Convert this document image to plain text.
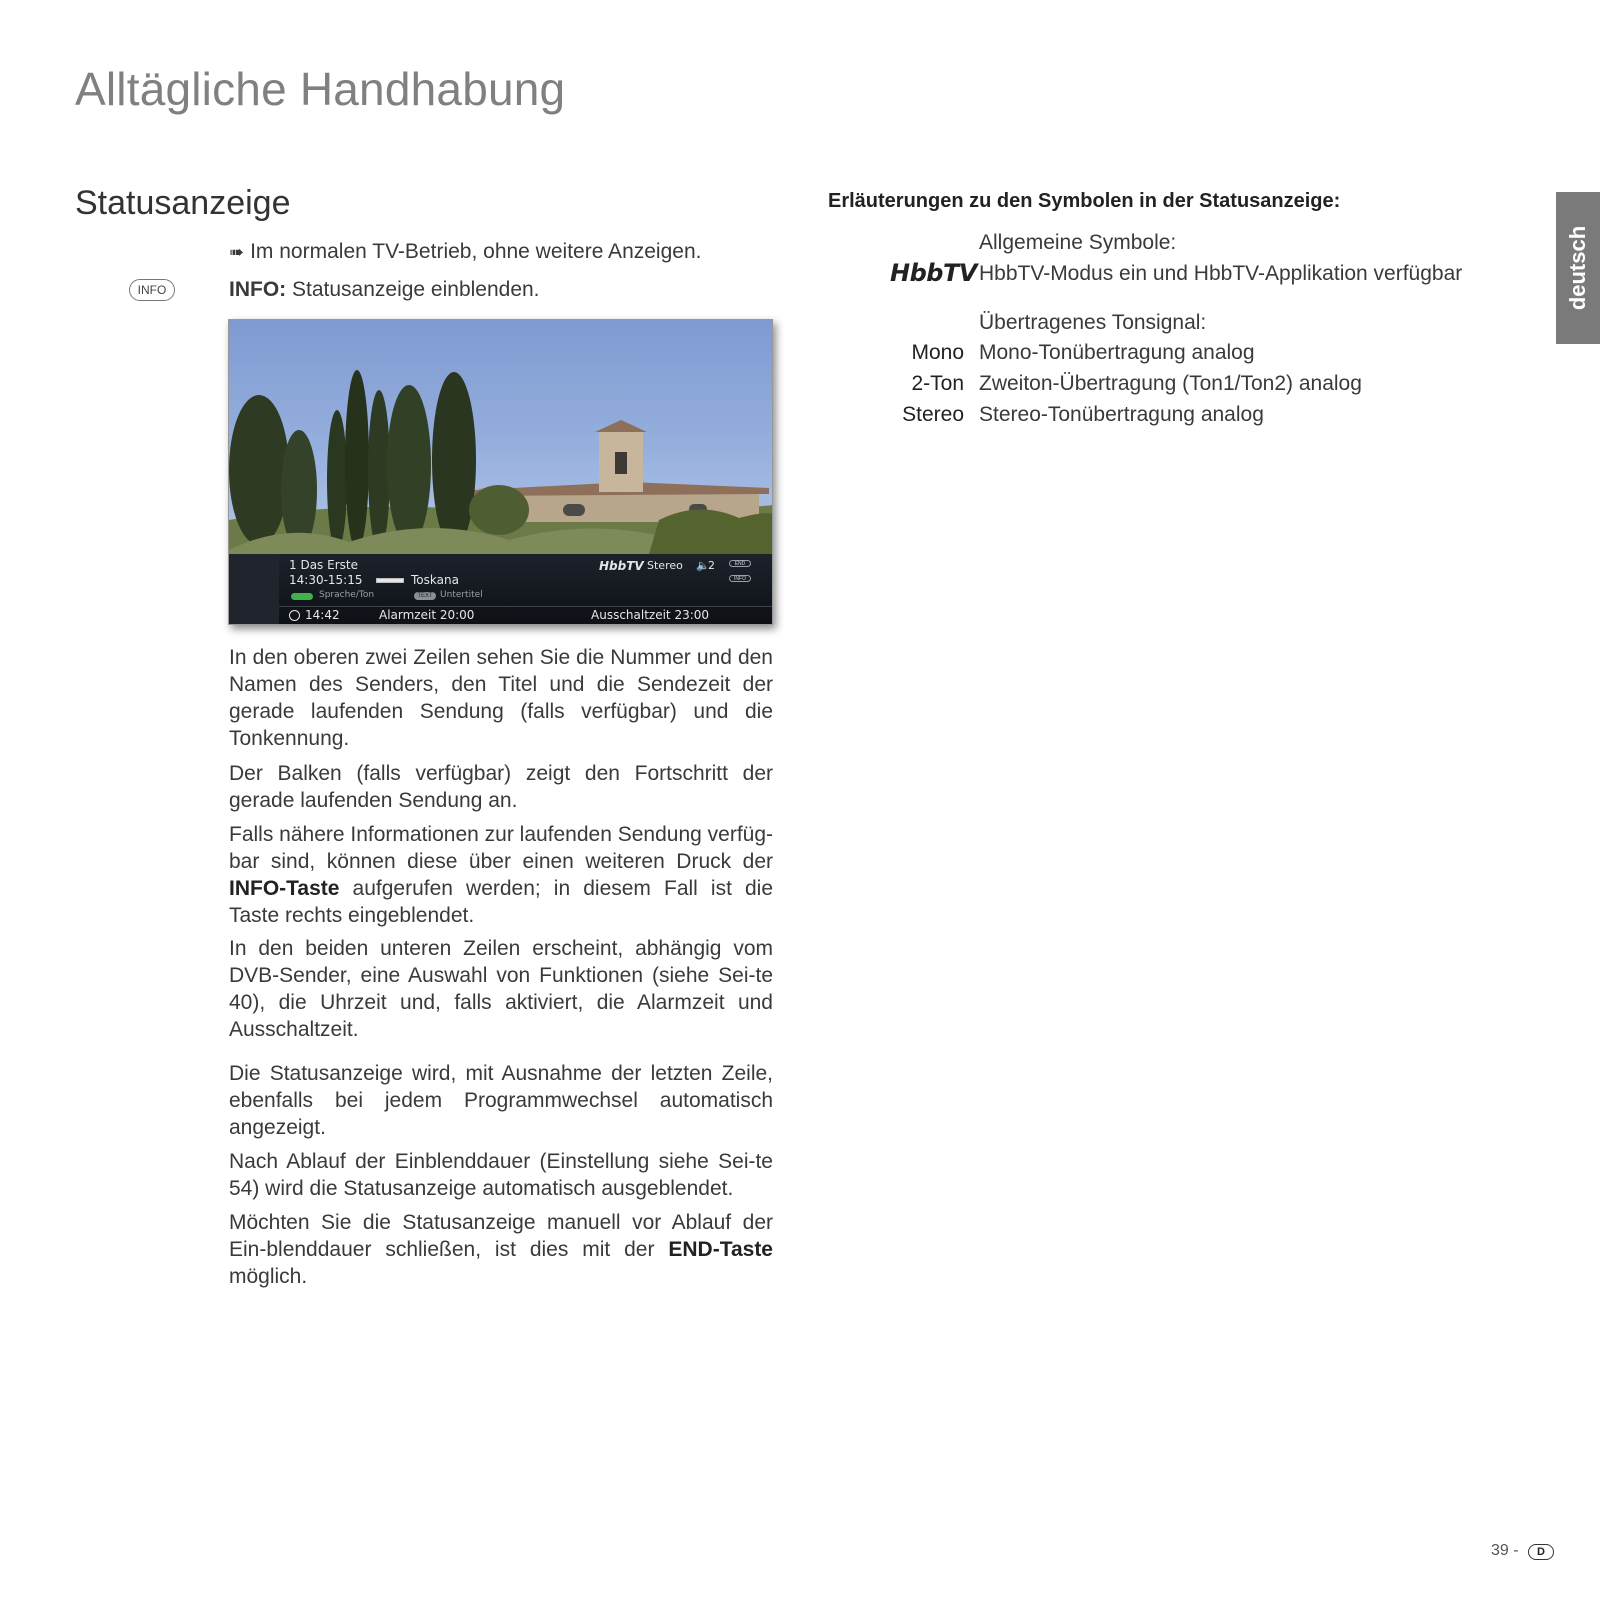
Alltägliche Handhabung
Statusanzeige
➠ Im normalen TV-Betrieb, ohne weitere Anzeigen.
INFO	INFO: Statusanzeige einblenden.
1 Das Erste
14:30-15:15	Toskana
Sprache/Ton	TEXT Untertitel
HbbTV Stereo 🔈
2	END
INFO
14:42	Alarmzeit 20:00	Ausschaltzeit 23:00

In den oberen zwei Zeilen sehen Sie die Nummer und den Namen des Senders, den Titel und die Sendezeit der gerade laufenden Sendung (falls verfügbar) und die Tonkennung.

Der Balken (falls verfügbar) zeigt den Fortschritt der gerade laufenden Sendung an.

Falls nähere Informationen zur laufenden Sendung verfüg-bar sind, können diese über einen weiteren Druck der INFO-Taste aufgerufen werden; in diesem Fall ist die Taste rechts eingeblendet.

In den beiden unteren Zeilen erscheint, abhängig vom DVB-Sender, eine Auswahl von Funktionen (siehe Sei-te 40), die Uhrzeit und, falls aktiviert, die Alarmzeit und Ausschaltzeit.

Die Statusanzeige wird, mit Ausnahme der letzten Zeile, ebenfalls bei jedem Programmwechsel automatisch angezeigt.

Nach Ablauf der Einblenddauer (Einstellung siehe Sei-te 54) wird die Statusanzeige automatisch ausgeblendet.

Möchten Sie die Statusanzeige manuell vor Ablauf der Ein-blenddauer schließen, ist dies mit der END-Taste möglich.

Erläuterungen zu den Symbolen in der Statusanzeige:
Allgemeine Symbole:
HbbTV HbbTV-Modus ein und HbbTV-Applikation verfügbar
Übertragenes Tonsignal:
Mono Mono-Tonübertragung analog
2-Ton Zweiton-Übertragung (Ton1/Ton2) analog
Stereo Stereo-Tonübertragung analog
deutsch
39 -	D
